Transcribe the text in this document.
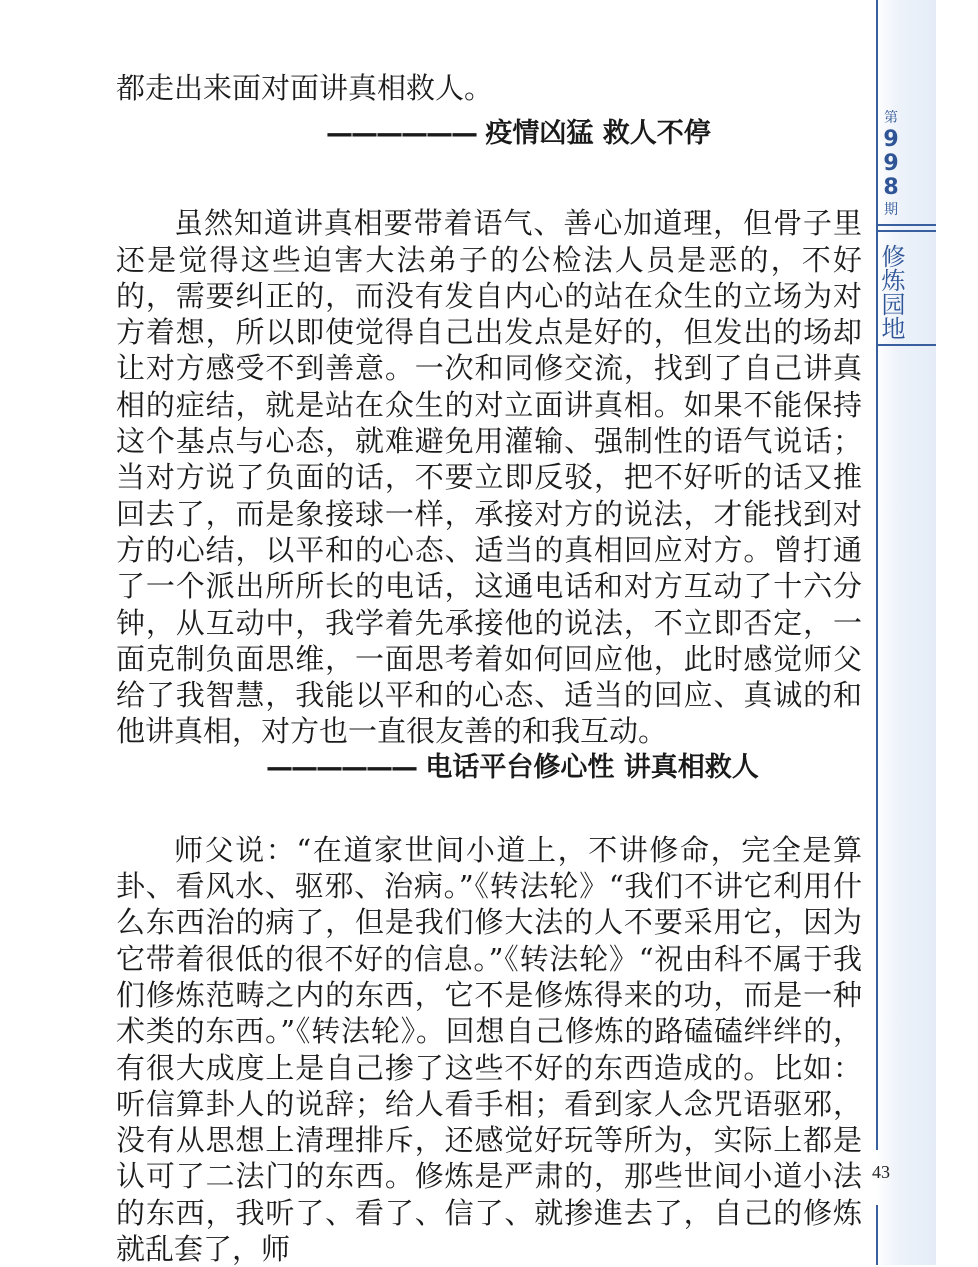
第
9
9
8
期
修炼园地

都走出来面对面讲真相救人。

—————— 疫情凶猛 救人不停

虽然知道讲真相要带着语气、善心加道理，但骨子里还是觉得这些迫害大法弟子的公检法人员是恶的，不好的，需要纠正的，而没有发自内心的站在众生的立场为对方着想，所以即使觉得自己出发点是好的，但发出的场却让对方感受不到善意。一次和同修交流，找到了自己讲真相的症结，就是站在众生的对立面讲真相。如果不能保持这个基点与心态，就难避免用灌输、强制性的语气说话；当对方说了负面的话，不要立即反驳，把不好听的话又推回去了，而是象接球一样，承接对方的说法，才能找到对方的心结，以平和的心态、适当的真相回应对方。曾打通了一个派出所所长的电话，这通电话和对方互动了十六分钟，从互动中，我学着先承接他的说法，不立即否定，一面克制负面思维，一面思考着如何回应他，此时感觉师父给了我智慧，我能以平和的心态、适当的回应、真诚的和他讲真相，对方也一直很友善的和我互动。

—————— 电话平台修心性 讲真相救人

师父说：“在道家世间小道上，不讲修命，完全是算卦、看风水、驱邪、治病。”《转法轮》“我们不讲它利用什么东西治的病了，但是我们修大法的人不要采用它，因为它带着很低的很不好的信息。”《转法轮》“祝由科不属于我们修炼范畴之内的东西，它不是修炼得来的功，而是一种术类的东西。”《转法轮》。回想自己修炼的路磕磕绊绊的，有很大成度上是自己掺了这些不好的东西造成的。比如：听信算卦人的说辞；给人看手相；看到家人念咒语驱邪，没有从思想上清理排斥，还感觉好玩等所为，实际上都是认可了二法门的东西。修炼是严肃的，那些世间小道小法的东西，我听了、看了、信了、就掺進去了，自己的修炼就乱套了，师

43
